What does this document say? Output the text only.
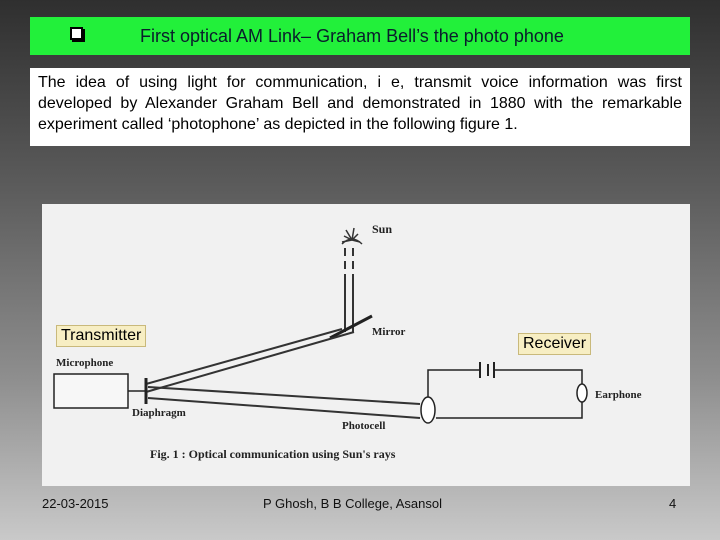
First optical AM Link– Graham Bell’s the photo phone
The idea of using light for communication, i e, transmit voice information was first developed by Alexander Graham Bell and demonstrated in 1880 with the remarkable experiment called ‘photophone’ as depicted in the following figure 1.
Sun
Mirror
Microphone
Diaphragm
Photocell
Earphone
Fig. 1 : Optical communication using Sun's rays
Transmitter	Receiver
22-03-2015	P Ghosh, B B College, Asansol	4
